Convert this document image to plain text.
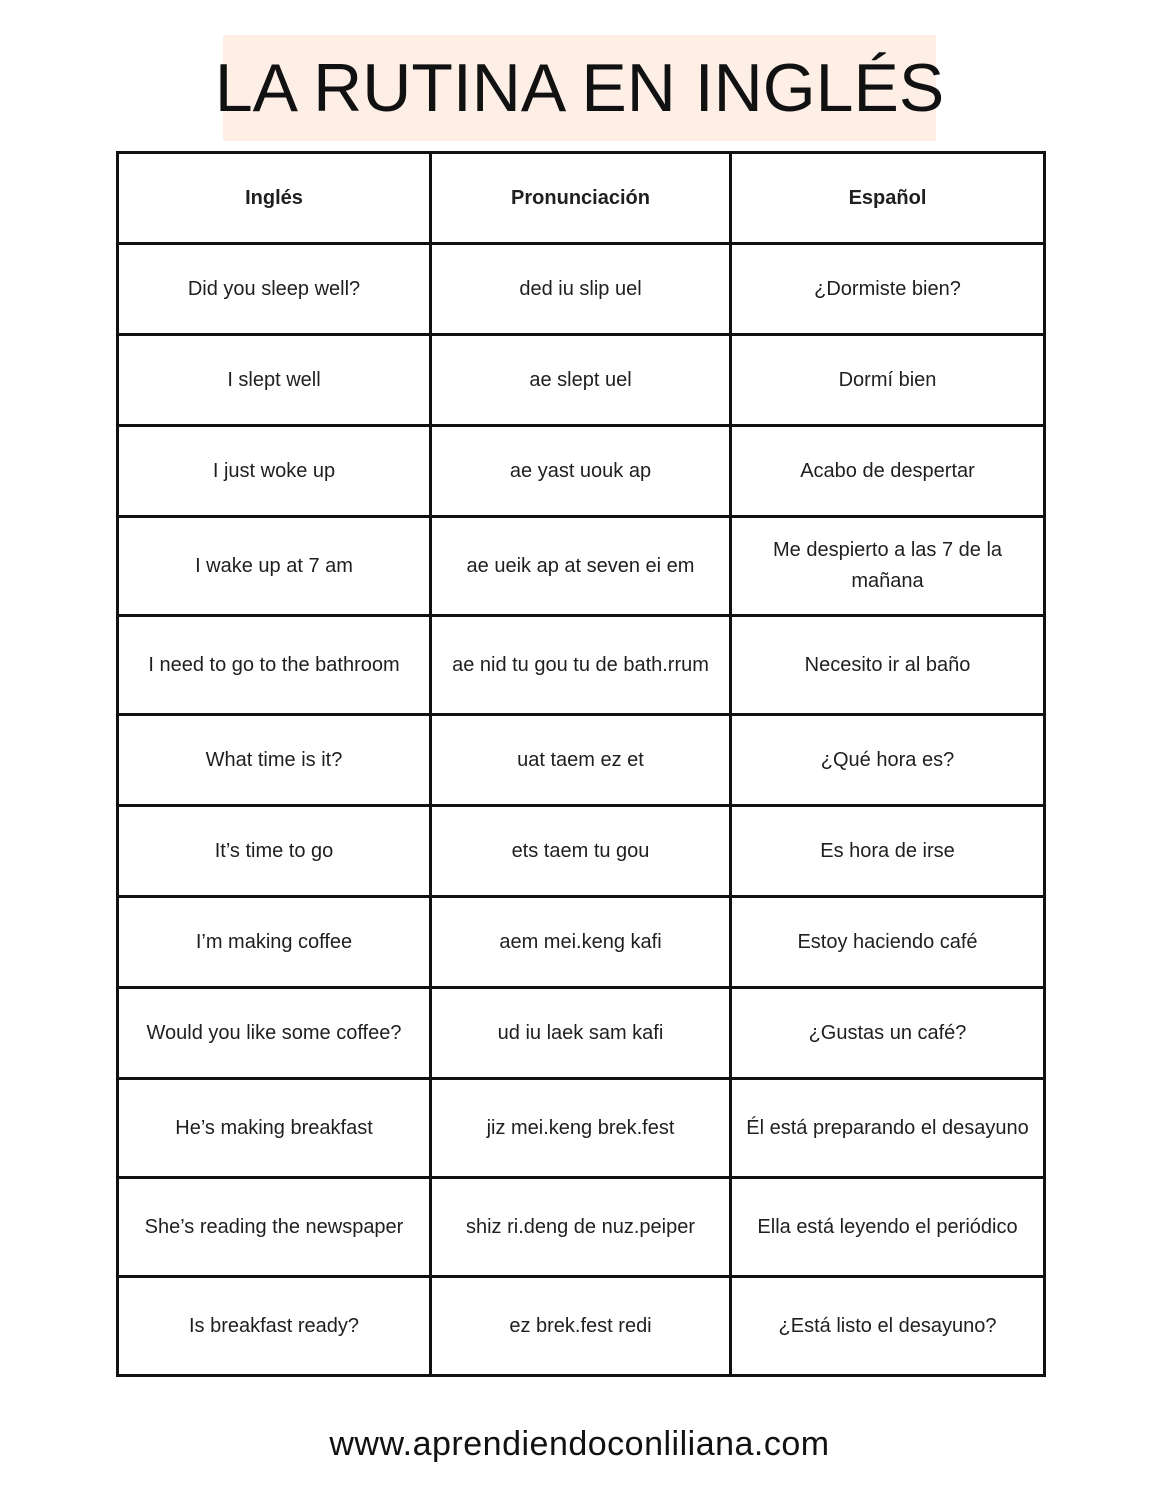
LA RUTINA EN INGLÉS
Inglés	Pronunciación	Español
Did you sleep well?	ded iu slip uel	¿Dormiste bien?
I slept well	ae slept uel	Dormí bien
I just woke up	ae yast uouk ap	Acabo de despertar
I wake up at 7 am	ae ueik ap at seven ei em	Me despierto a las 7 de la mañana
I need to go to the bathroom	ae nid tu gou tu de bath.rrum	Necesito ir al baño
What time is it?	uat taem ez et	¿Qué hora es?
It’s time to go	ets taem tu gou	Es hora de irse
I’m making coffee	aem mei.keng kafi	Estoy haciendo café
Would you like some coffee?	ud iu laek sam kafi	¿Gustas un café?
He’s making breakfast	jiz mei.keng brek.fest	Él está preparando el desayuno
She’s reading the newspaper	shiz ri.deng de nuz.peiper	Ella está leyendo el periódico
Is breakfast ready?	ez brek.fest redi	¿Está listo el desayuno?
www.aprendiendoconliliana.com
